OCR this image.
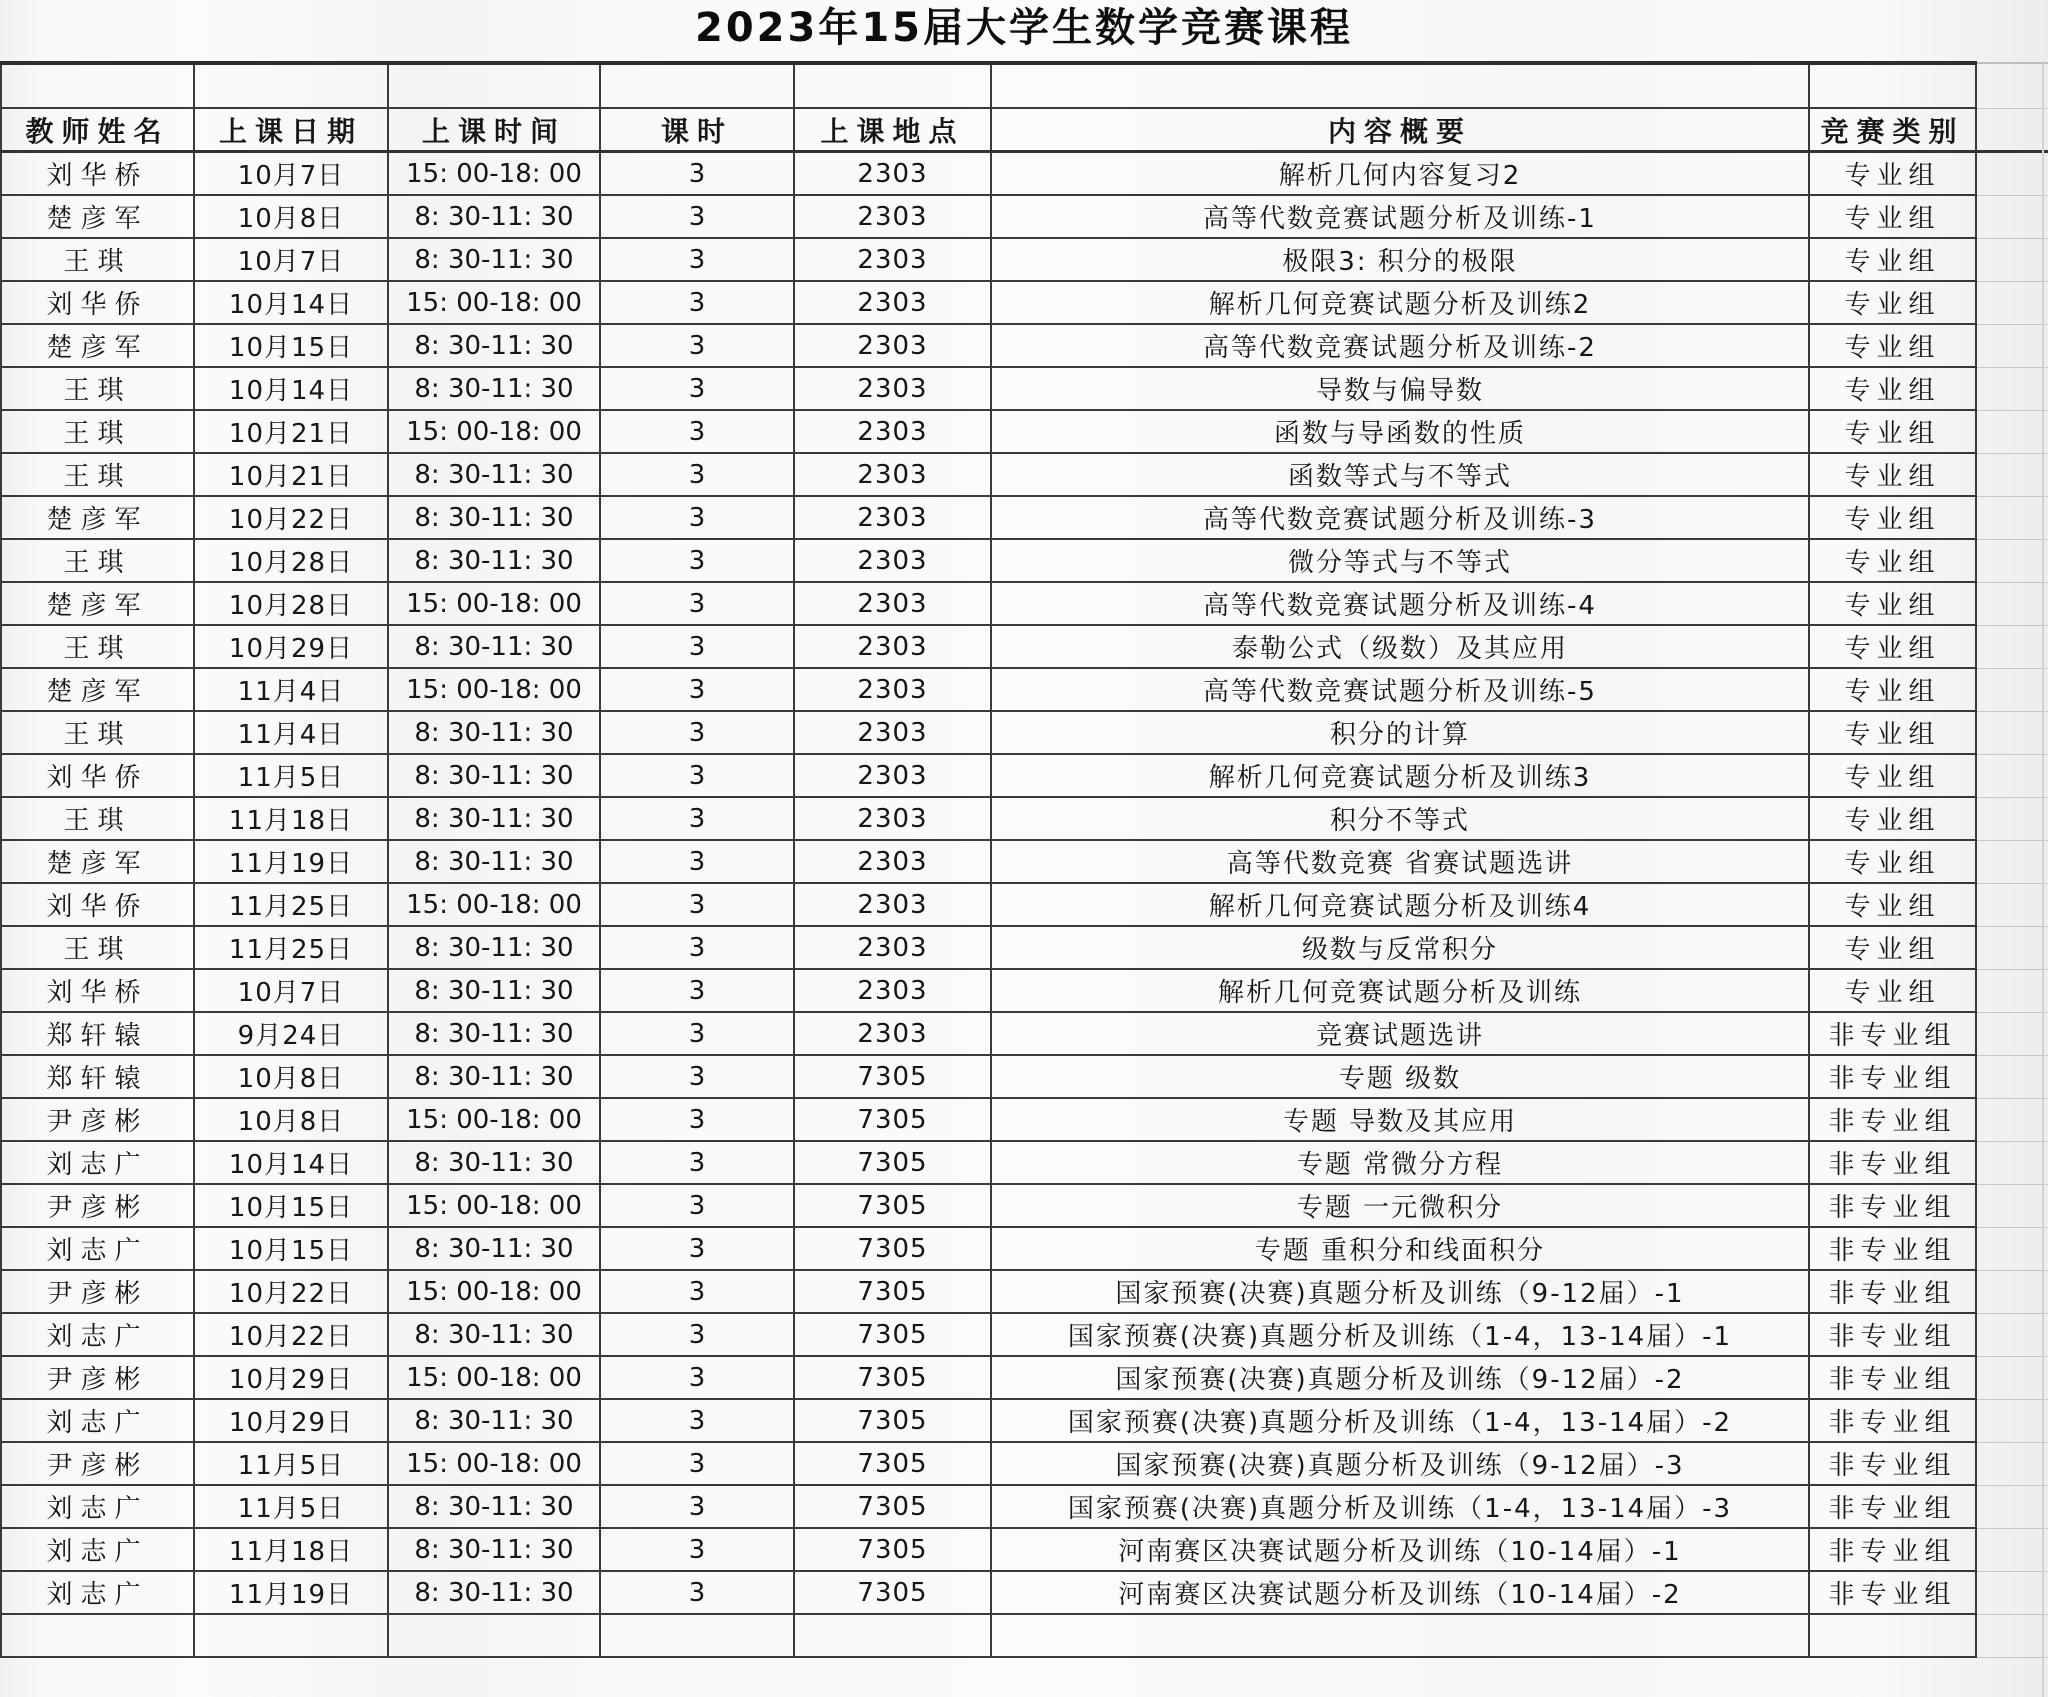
2023年15届大学生数学竞赛课程

教师姓名	上课日期	上课时间	课时	上课地点	内容概要	竞赛类别	
刘华桥	10月7日	15: 00-18: 00	3	2303	解析几何内容复习2	专业组	
楚彦军	10月8日	8: 30-11: 30	3	2303	高等代数竞赛试题分析及训练-1	专业组	
王琪	10月7日	8: 30-11: 30	3	2303	极限3: 积分的极限	专业组	
刘华侨	10月14日	15: 00-18: 00	3	2303	解析几何竞赛试题分析及训练2	专业组	
楚彦军	10月15日	8: 30-11: 30	3	2303	高等代数竞赛试题分析及训练-2	专业组	
王琪	10月14日	8: 30-11: 30	3	2303	导数与偏导数	专业组	
王琪	10月21日	15: 00-18: 00	3	2303	函数与导函数的性质	专业组	
王琪	10月21日	8: 30-11: 30	3	2303	函数等式与不等式	专业组	
楚彦军	10月22日	8: 30-11: 30	3	2303	高等代数竞赛试题分析及训练-3	专业组	
王琪	10月28日	8: 30-11: 30	3	2303	微分等式与不等式	专业组	
楚彦军	10月28日	15: 00-18: 00	3	2303	高等代数竞赛试题分析及训练-4	专业组	
王琪	10月29日	8: 30-11: 30	3	2303	泰勒公式（级数）及其应用	专业组	
楚彦军	11月4日	15: 00-18: 00	3	2303	高等代数竞赛试题分析及训练-5	专业组	
王琪	11月4日	8: 30-11: 30	3	2303	积分的计算	专业组	
刘华侨	11月5日	8: 30-11: 30	3	2303	解析几何竞赛试题分析及训练3	专业组	
王琪	11月18日	8: 30-11: 30	3	2303	积分不等式	专业组	
楚彦军	11月19日	8: 30-11: 30	3	2303	高等代数竞赛 省赛试题选讲	专业组	
刘华侨	11月25日	15: 00-18: 00	3	2303	解析几何竞赛试题分析及训练4	专业组	
王琪	11月25日	8: 30-11: 30	3	2303	级数与反常积分	专业组	
刘华桥	10月7日	8: 30-11: 30	3	2303	解析几何竞赛试题分析及训练	专业组	
郑轩辕	9月24日	8: 30-11: 30	3	2303	竞赛试题选讲	非专业组	
郑轩辕	10月8日	8: 30-11: 30	3	7305	专题 级数	非专业组	
尹彦彬	10月8日	15: 00-18: 00	3	7305	专题 导数及其应用	非专业组	
刘志广	10月14日	8: 30-11: 30	3	7305	专题 常微分方程	非专业组	
尹彦彬	10月15日	15: 00-18: 00	3	7305	专题 一元微积分	非专业组	
刘志广	10月15日	8: 30-11: 30	3	7305	专题 重积分和线面积分	非专业组	
尹彦彬	10月22日	15: 00-18: 00	3	7305	国家预赛(决赛)真题分析及训练（9-12届）-1	非专业组	
刘志广	10月22日	8: 30-11: 30	3	7305	国家预赛(决赛)真题分析及训练（1-4，13-14届）-1	非专业组	
尹彦彬	10月29日	15: 00-18: 00	3	7305	国家预赛(决赛)真题分析及训练（9-12届）-2	非专业组	
刘志广	10月29日	8: 30-11: 30	3	7305	国家预赛(决赛)真题分析及训练（1-4，13-14届）-2	非专业组	
尹彦彬	11月5日	15: 00-18: 00	3	7305	国家预赛(决赛)真题分析及训练（9-12届）-3	非专业组	
刘志广	11月5日	8: 30-11: 30	3	7305	国家预赛(决赛)真题分析及训练（1-4，13-14届）-3	非专业组	
刘志广	11月18日	8: 30-11: 30	3	7305	河南赛区决赛试题分析及训练（10-14届）-1	非专业组	
刘志广	11月19日	8: 30-11: 30	3	7305	河南赛区决赛试题分析及训练（10-14届）-2	非专业组	
